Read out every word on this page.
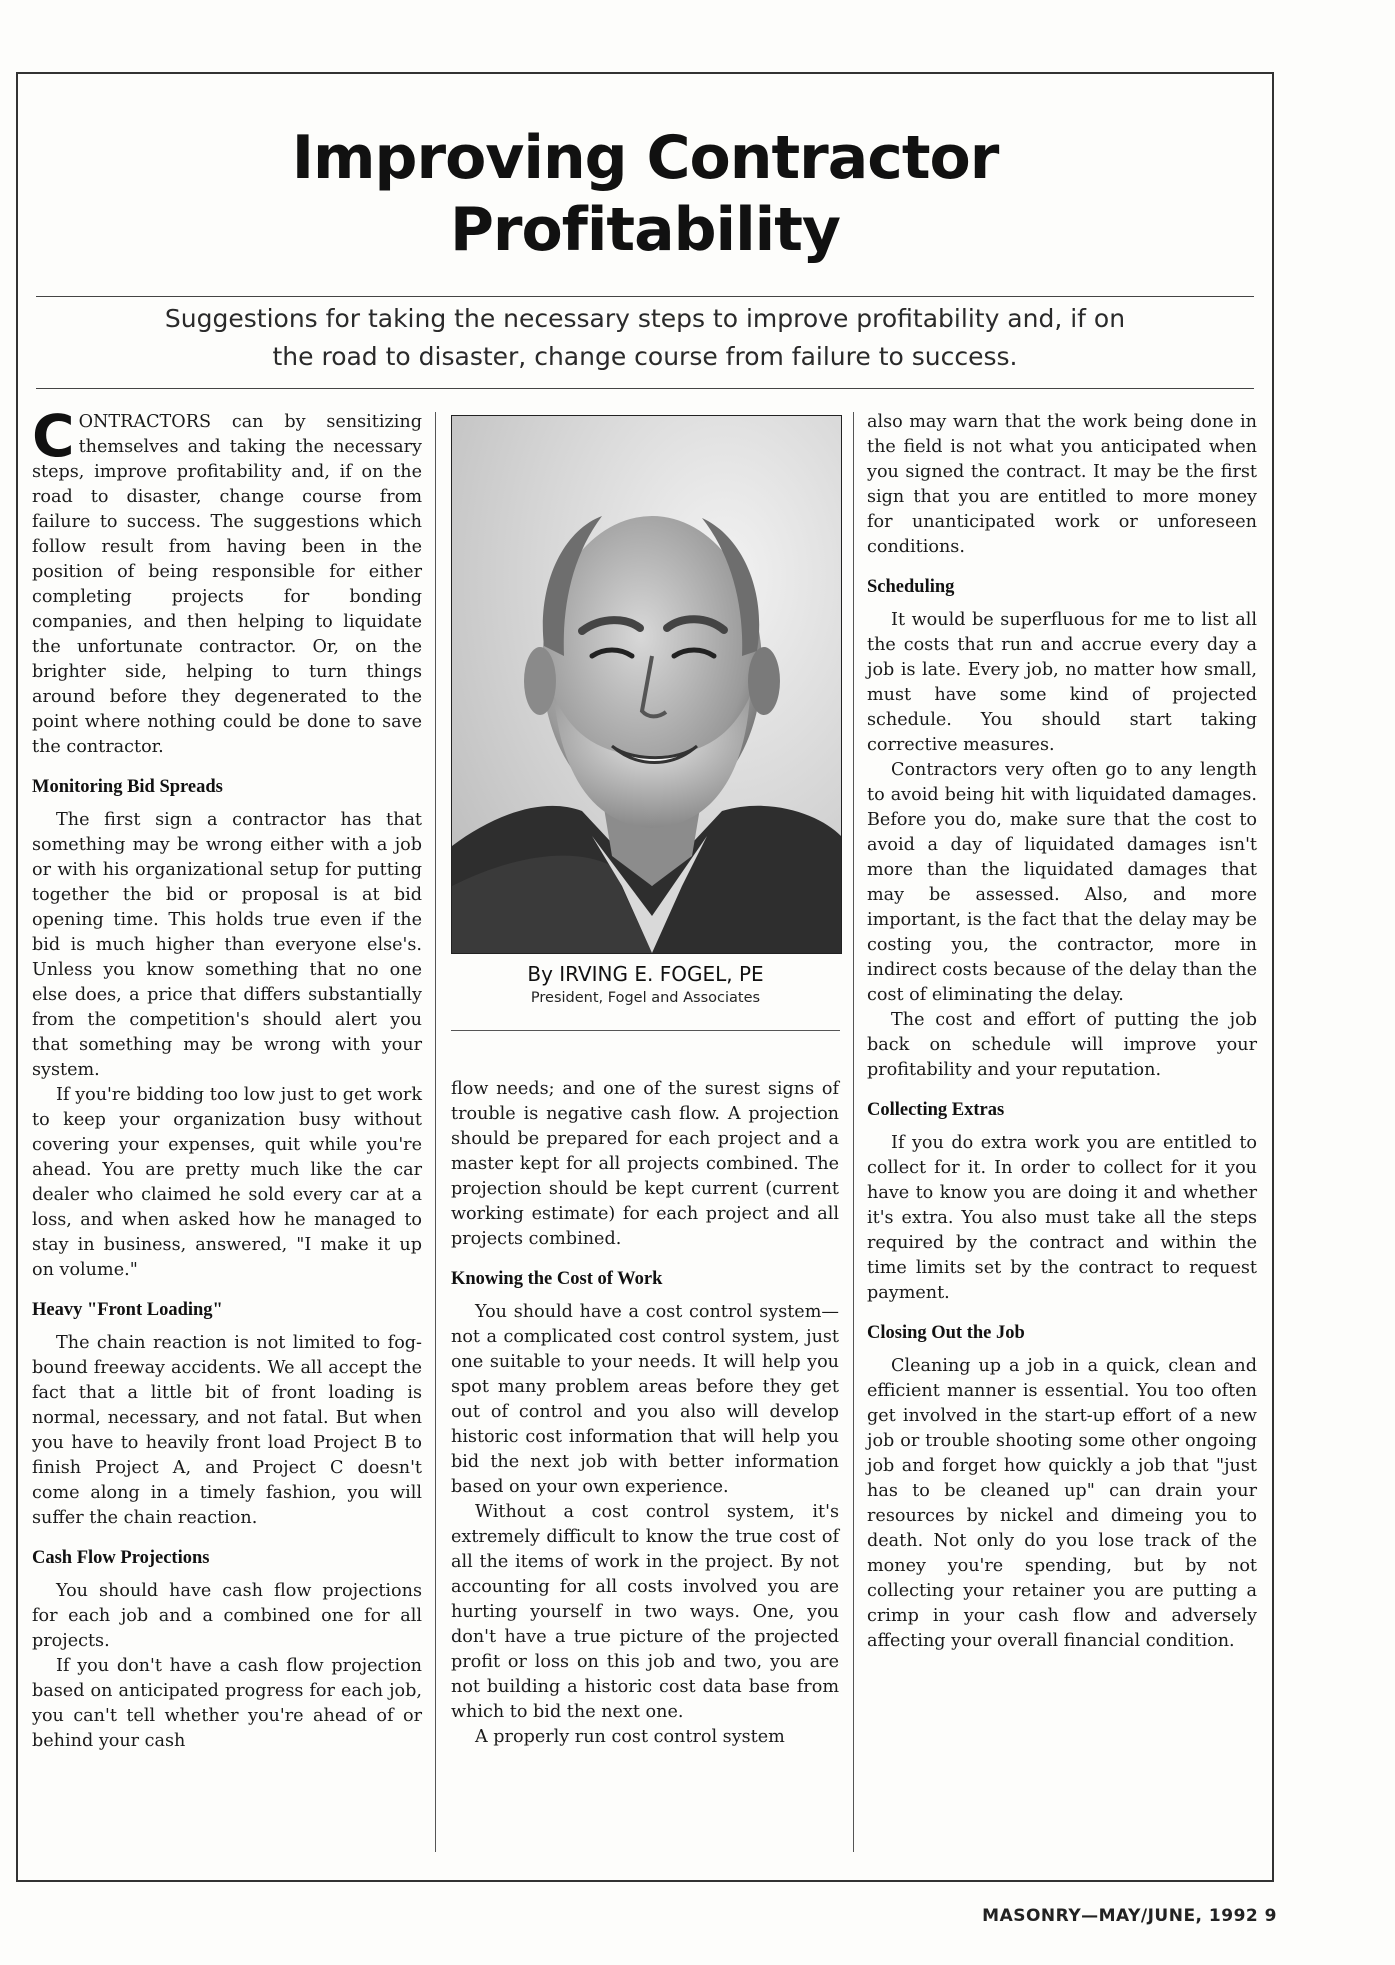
Improving Contractor
Profitability

Suggestions for taking the necessary steps to improve profitability and, if on
the road to disaster, change course from failure to success.

CONTRACTORS can by sensitizing themselves and taking the necessary steps, improve profitability and, if on the road to disaster, change course from failure to success. The suggestions which follow result from having been in the position of being responsible for either completing projects for bonding companies, and then helping to liquidate the unfortunate contractor. Or, on the brighter side, helping to turn things around before they degenerated to the point where nothing could be done to save the contractor.

Monitoring Bid Spreads

The first sign a contractor has that something may be wrong either with a job or with his organizational setup for putting together the bid or proposal is at bid opening time. This holds true even if the bid is much higher than everyone else's. Unless you know something that no one else does, a price that differs substantially from the competition's should alert you that something may be wrong with your system.

If you're bidding too low just to get work to keep your organization busy without covering your expenses, quit while you're ahead. You are pretty much like the car dealer who claimed he sold every car at a loss, and when asked how he managed to stay in business, answered, "I make it up on volume."

Heavy "Front Loading"

The chain reaction is not limited to fog-bound freeway accidents. We all accept the fact that a little bit of front loading is normal, necessary, and not fatal. But when you have to heavily front load Project B to finish Project A, and Project C doesn't come along in a timely fashion, you will suffer the chain reaction.

Cash Flow Projections

You should have cash flow projections for each job and a combined one for all projects.

If you don't have a cash flow projection based on anticipated progress for each job, you can't tell whether you're ahead of or behind your cash

By IRVING E. FOGEL, PE

President, Fogel and Associates

flow needs; and one of the surest signs of trouble is negative cash flow. A projection should be prepared for each project and a master kept for all projects combined. The projection should be kept current (current working estimate) for each project and all projects combined.

Knowing the Cost of Work

You should have a cost control system—not a complicated cost control system, just one suitable to your needs. It will help you spot many problem areas before they get out of control and you also will develop historic cost information that will help you bid the next job with better information based on your own experience.

Without a cost control system, it's extremely difficult to know the true cost of all the items of work in the project. By not accounting for all costs involved you are hurting yourself in two ways. One, you don't have a true picture of the projected profit or loss on this job and two, you are not building a historic cost data base from which to bid the next one.

A properly run cost control system

also may warn that the work being done in the field is not what you anticipated when you signed the contract. It may be the first sign that you are entitled to more money for unanticipated work or unforeseen conditions.

Scheduling

It would be superfluous for me to list all the costs that run and accrue every day a job is late. Every job, no matter how small, must have some kind of projected schedule. You should start taking corrective measures.

Contractors very often go to any length to avoid being hit with liquidated damages. Before you do, make sure that the cost to avoid a day of liquidated damages isn't more than the liquidated damages that may be assessed. Also, and more important, is the fact that the delay may be costing you, the contractor, more in indirect costs because of the delay than the cost of eliminating the delay.

The cost and effort of putting the job back on schedule will improve your profitability and your reputation.

Collecting Extras

If you do extra work you are entitled to collect for it. In order to collect for it you have to know you are doing it and whether it's extra. You also must take all the steps required by the contract and within the time limits set by the contract to request payment.

Closing Out the Job

Cleaning up a job in a quick, clean and efficient manner is essential. You too often get involved in the start-up effort of a new job or trouble shooting some other ongoing job and forget how quickly a job that "just has to be cleaned up" can drain your resources by nickel and dimeing you to death. Not only do you lose track of the money you're spending, but by not collecting your retainer you are putting a crimp in your cash flow and adversely affecting your overall financial condition.

MASONRY—MAY/JUNE, 1992 9
